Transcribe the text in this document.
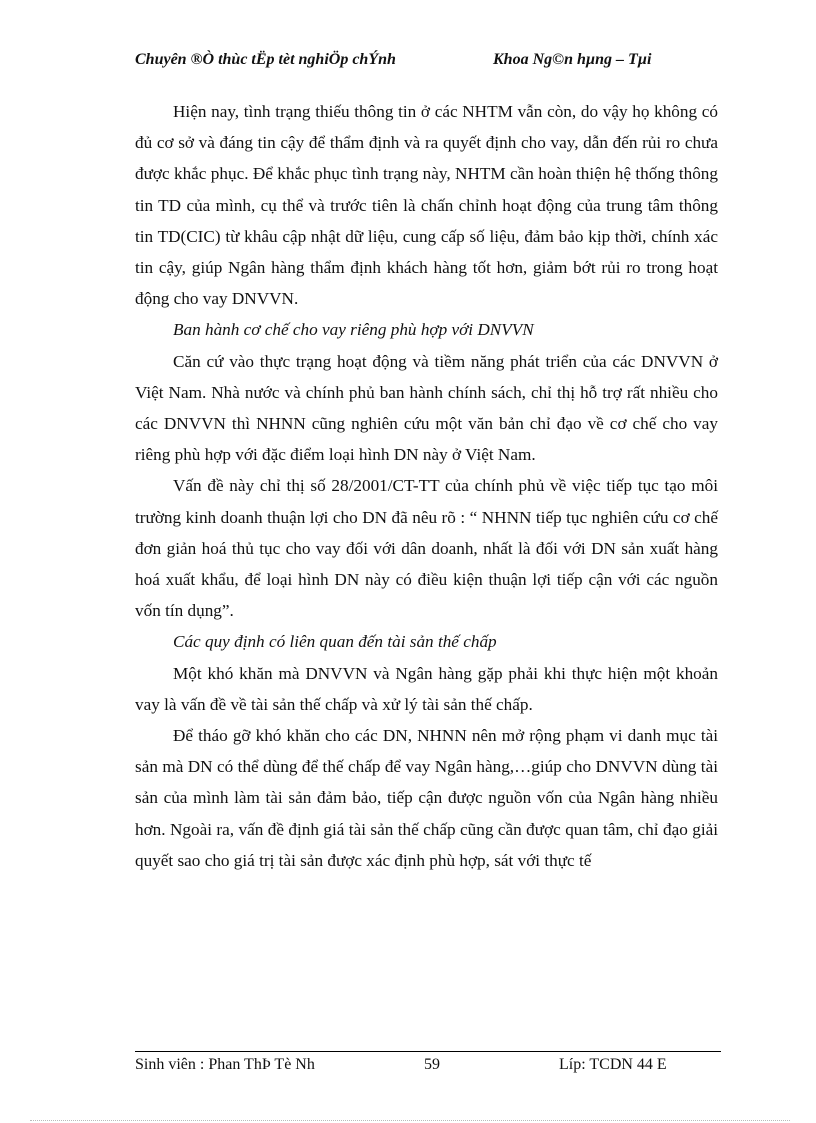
Chuyên ®Ò thùc tËp tèt nghiÖp chÝnh	Khoa Ng©n hµng – Tµi

Hiện nay, tình trạng thiếu thông tin ở các NHTM vẫn còn, do vậy họ không có đủ cơ sở và đáng tin cậy để thẩm định và ra quyết định cho vay, dẫn đến rủi ro chưa được khắc phục. Để khắc phục tình trạng này, NHTM cần hoàn thiện hệ thống thông tin TD của mình, cụ thể và trước tiên là chấn chỉnh hoạt động của trung tâm thông tin TD(CIC) từ khâu cập nhật dữ liệu, cung cấp số liệu, đảm bảo kịp thời, chính xác tin cậy, giúp Ngân hàng thẩm định khách hàng tốt hơn, giảm bớt rủi ro trong hoạt động cho vay DNVVN.

Ban hành cơ chế cho vay riêng phù hợp với DNVVN

Căn cứ vào thực trạng hoạt động và tiềm năng phát triển của các DNVVN ở Việt Nam. Nhà nước và chính phủ ban hành chính sách, chỉ thị hỗ trợ rất nhiều cho các DNVVN thì NHNN cũng nghiên cứu một văn bản chỉ đạo về cơ chế cho vay riêng phù hợp với đặc điểm loại hình DN này ở Việt Nam.

Vấn đề này chỉ thị số 28/2001/CT-TT của chính phủ về việc tiếp tục tạo môi trường kinh doanh thuận lợi cho DN đã nêu rõ : “ NHNN tiếp tục nghiên cứu cơ chế đơn giản hoá thủ tục cho vay đối với dân doanh, nhất là đối với DN sản xuất hàng hoá xuất khẩu, để loại hình DN này có điều kiện thuận lợi tiếp cận với các nguồn vốn tín dụng”.

Các quy định có liên quan đến tài sản thế chấp

Một khó khăn mà DNVVN và Ngân hàng gặp phải khi thực hiện một khoản vay là vấn đề về tài sản thế chấp và xử lý tài sản thế chấp.

Để tháo gỡ khó khăn cho các DN, NHNN nên mở rộng phạm vi danh mục tài sản mà DN có thể dùng để thế chấp để vay Ngân hàng,…giúp cho DNVVN dùng tài sản của mình làm tài sản đảm bảo, tiếp cận được nguồn vốn của Ngân hàng nhiều hơn. Ngoài ra, vấn đề định giá tài sản thế chấp cũng cần được quan tâm, chỉ đạo giải quyết sao cho giá trị tài sản được xác định phù hợp, sát với thực tế

Sinh viên : Phan ThÞ Tè Nh	59	Líp: TCDN 44 E
